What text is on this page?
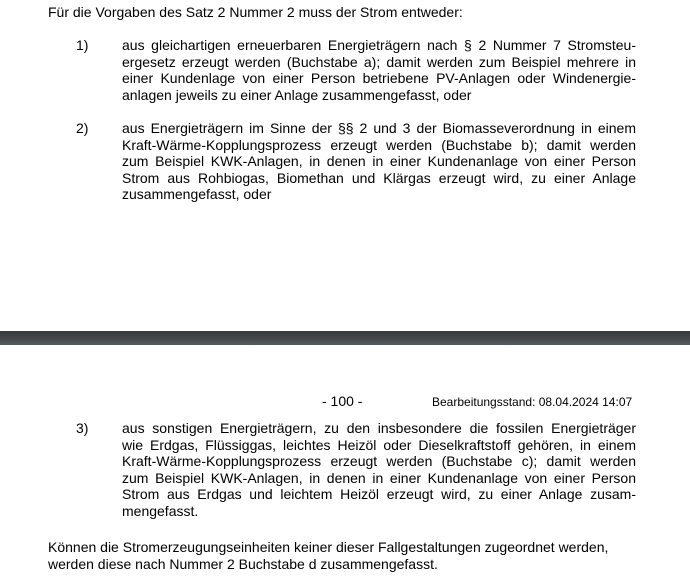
Für die Vorgaben des Satz 2 Nummer 2 muss der Strom entweder:
1) aus gleichartigen erneuerbaren Energieträgern nach § 2 Nummer 7 Stromsteu-
ergesetz erzeugt werden (Buchstabe a); damit werden zum Beispiel mehrere in
einer Kundenlage von einer Person betriebene PV-Anlagen oder Windenergie-
anlagen jeweils zu einer Anlage zusammengefasst, oder
2) aus Energieträgern im Sinne der §§ 2 und 3 der Biomasseverordnung in einem
Kraft-Wärme-Kopplungsprozess erzeugt werden (Buchstabe b); damit werden
zum Beispiel KWK-Anlagen, in denen in einer Kundenanlage von einer Person
Strom aus Rohbiogas, Biomethan und Klärgas erzeugt wird, zu einer Anlage
zusammengefasst, oder
- 100 -	Bearbeitungsstand: 08.04.2024 14:07
3) aus sonstigen Energieträgern, zu den insbesondere die fossilen Energieträger
wie Erdgas, Flüssiggas, leichtes Heizöl oder Dieselkraftstoff gehören, in einem
Kraft-Wärme-Kopplungsprozess erzeugt werden (Buchstabe c); damit werden
zum Beispiel KWK-Anlagen, in denen in einer Kundenanlage von einer Person
Strom aus Erdgas und leichtem Heizöl erzeugt wird, zu einer Anlage zusam-
mengefasst.
Können die Stromerzeugungseinheiten keiner dieser Fallgestaltungen zugeordnet werden,
werden diese nach Nummer 2 Buchstabe d zusammengefasst.
